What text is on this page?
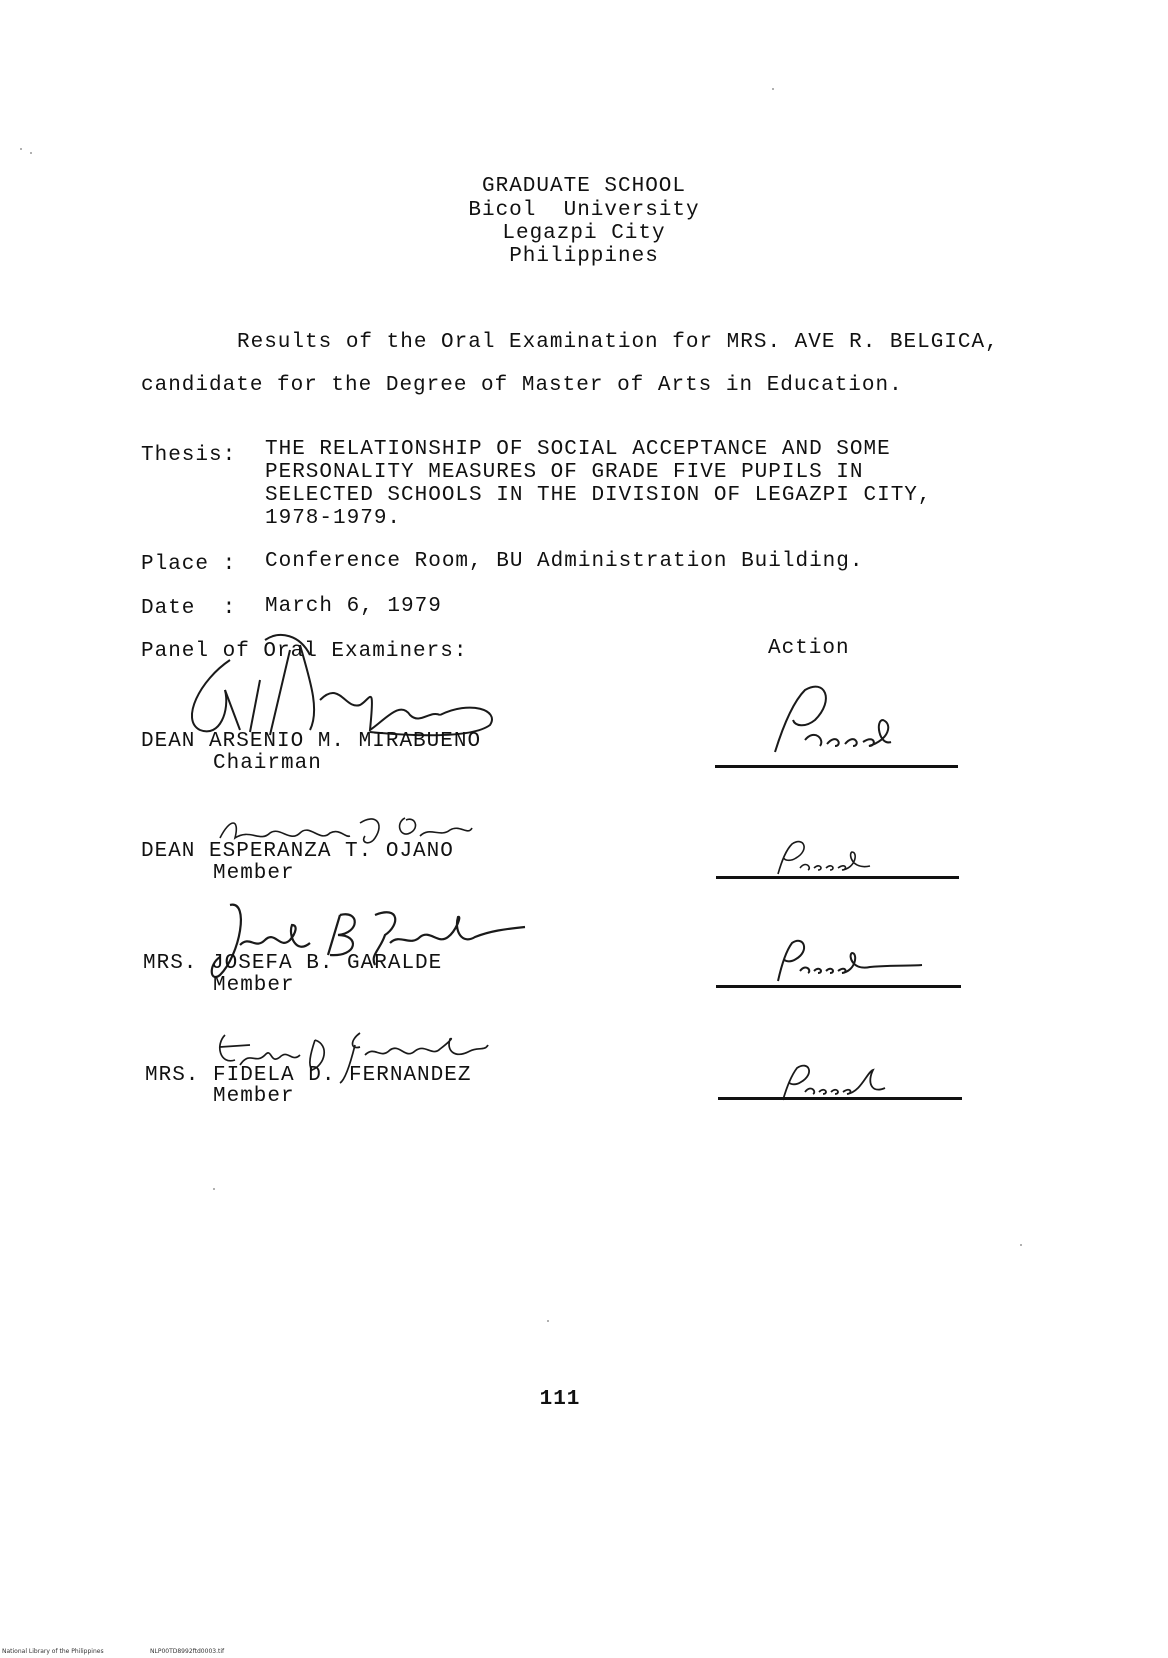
GRADUATE SCHOOL
Bicol  University
Legazpi City
Philippines
Results of the Oral Examination for MRS. AVE R. BELGICA,
candidate for the Degree of Master of Arts in Education.
Thesis: THE RELATIONSHIP OF SOCIAL ACCEPTANCE AND SOME
PERSONALITY MEASURES OF GRADE FIVE PUPILS IN
SELECTED SCHOOLS IN THE DIVISION OF LEGAZPI CITY,
1978-1979.
Place : Conference Room, BU Administration Building.
Date  : March 6, 1979
Panel of Oral Examiners:	Action
DEAN ARSENIO M. MIRABUENO
Chairman
DEAN ESPERANZA T. OJANO
Member
MRS. JOSEFA B. GARALDE
Member
MRS. FIDELA D. FERNANDEZ
Member
111
National Library of the Philippines	NLP00TD8992ftd0003.tif
